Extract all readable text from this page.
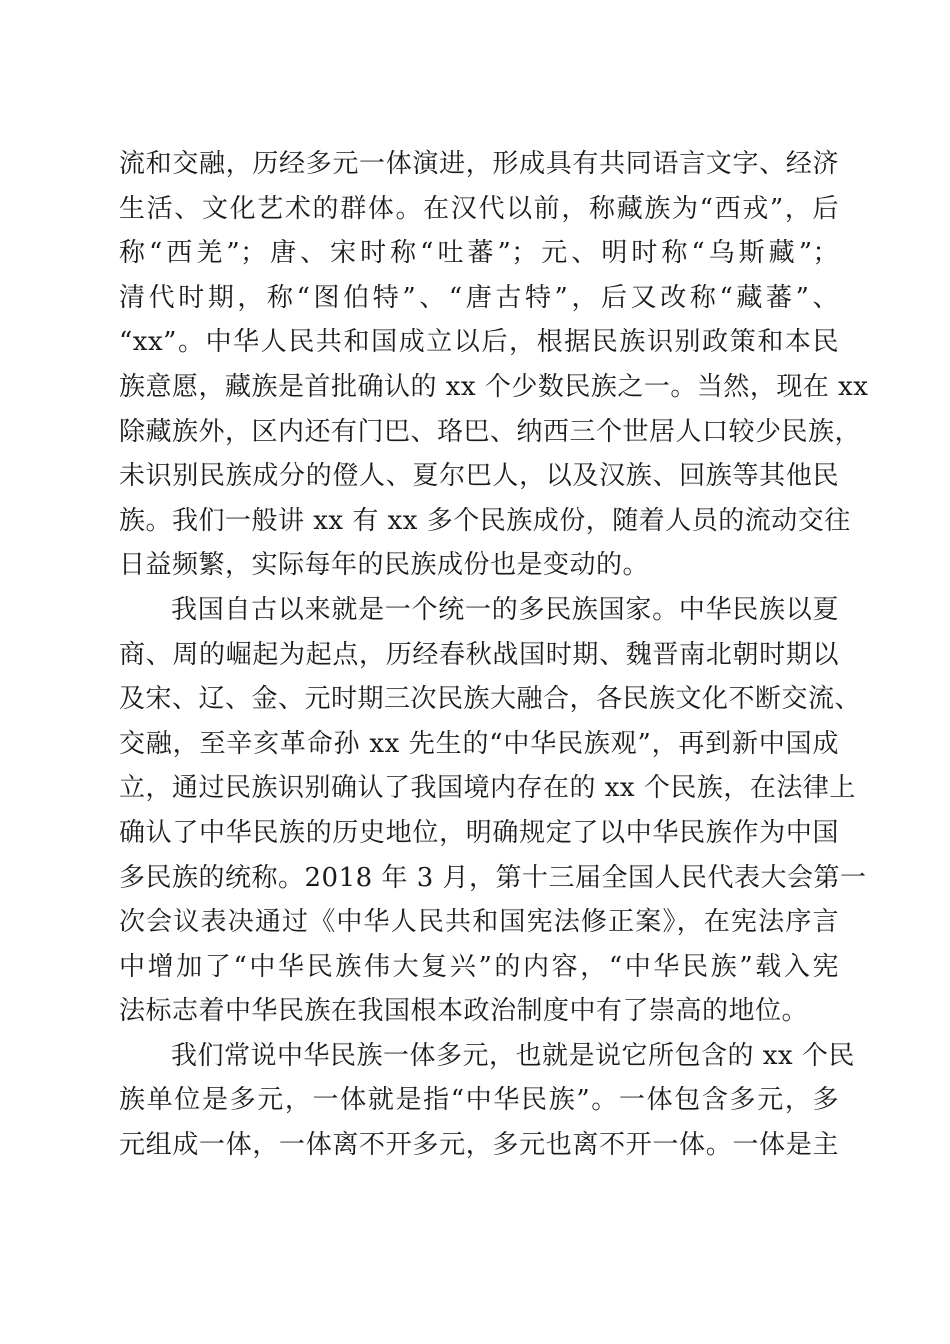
流和交融，历经多元一体演进，形成具有共同语言文字、经济
生活、文化艺术的群体。在汉代以前，称藏族为“西戎”，后
称“西羌”；唐、宋时称“吐蕃”；元、明时称“乌斯藏”；
清代时期，称“图伯特”、“唐古特”，后又改称“藏蕃”、
“xx”。中华人民共和国成立以后，根据民族识别政策和本民
族意愿，藏族是首批确认的 xx 个少数民族之一。当然，现在 xx
除藏族外，区内还有门巴、珞巴、纳西三个世居人口较少民族，
未识别民族成分的僜人、夏尔巴人，以及汉族、回族等其他民
族。我们一般讲 xx 有 xx 多个民族成份，随着人员的流动交往
日益频繁，实际每年的民族成份也是变动的。
我国自古以来就是一个统一的多民族国家。中华民族以夏
商、周的崛起为起点，历经春秋战国时期、魏晋南北朝时期以
及宋、辽、金、元时期三次民族大融合，各民族文化不断交流、
交融，至辛亥革命孙 xx 先生的“中华民族观”，再到新中国成
立，通过民族识别确认了我国境内存在的 xx 个民族，在法律上
确认了中华民族的历史地位，明确规定了以中华民族作为中国
多民族的统称。2018 年 3 月，第十三届全国人民代表大会第一
次会议表决通过《中华人民共和国宪法修正案》，在宪法序言
中增加了“中华民族伟大复兴”的内容，“中华民族”载入宪
法标志着中华民族在我国根本政治制度中有了崇高的地位。
我们常说中华民族一体多元，也就是说它所包含的 xx 个民
族单位是多元，一体就是指“中华民族”。一体包含多元，多
元组成一体，一体离不开多元，多元也离不开一体。一体是主
